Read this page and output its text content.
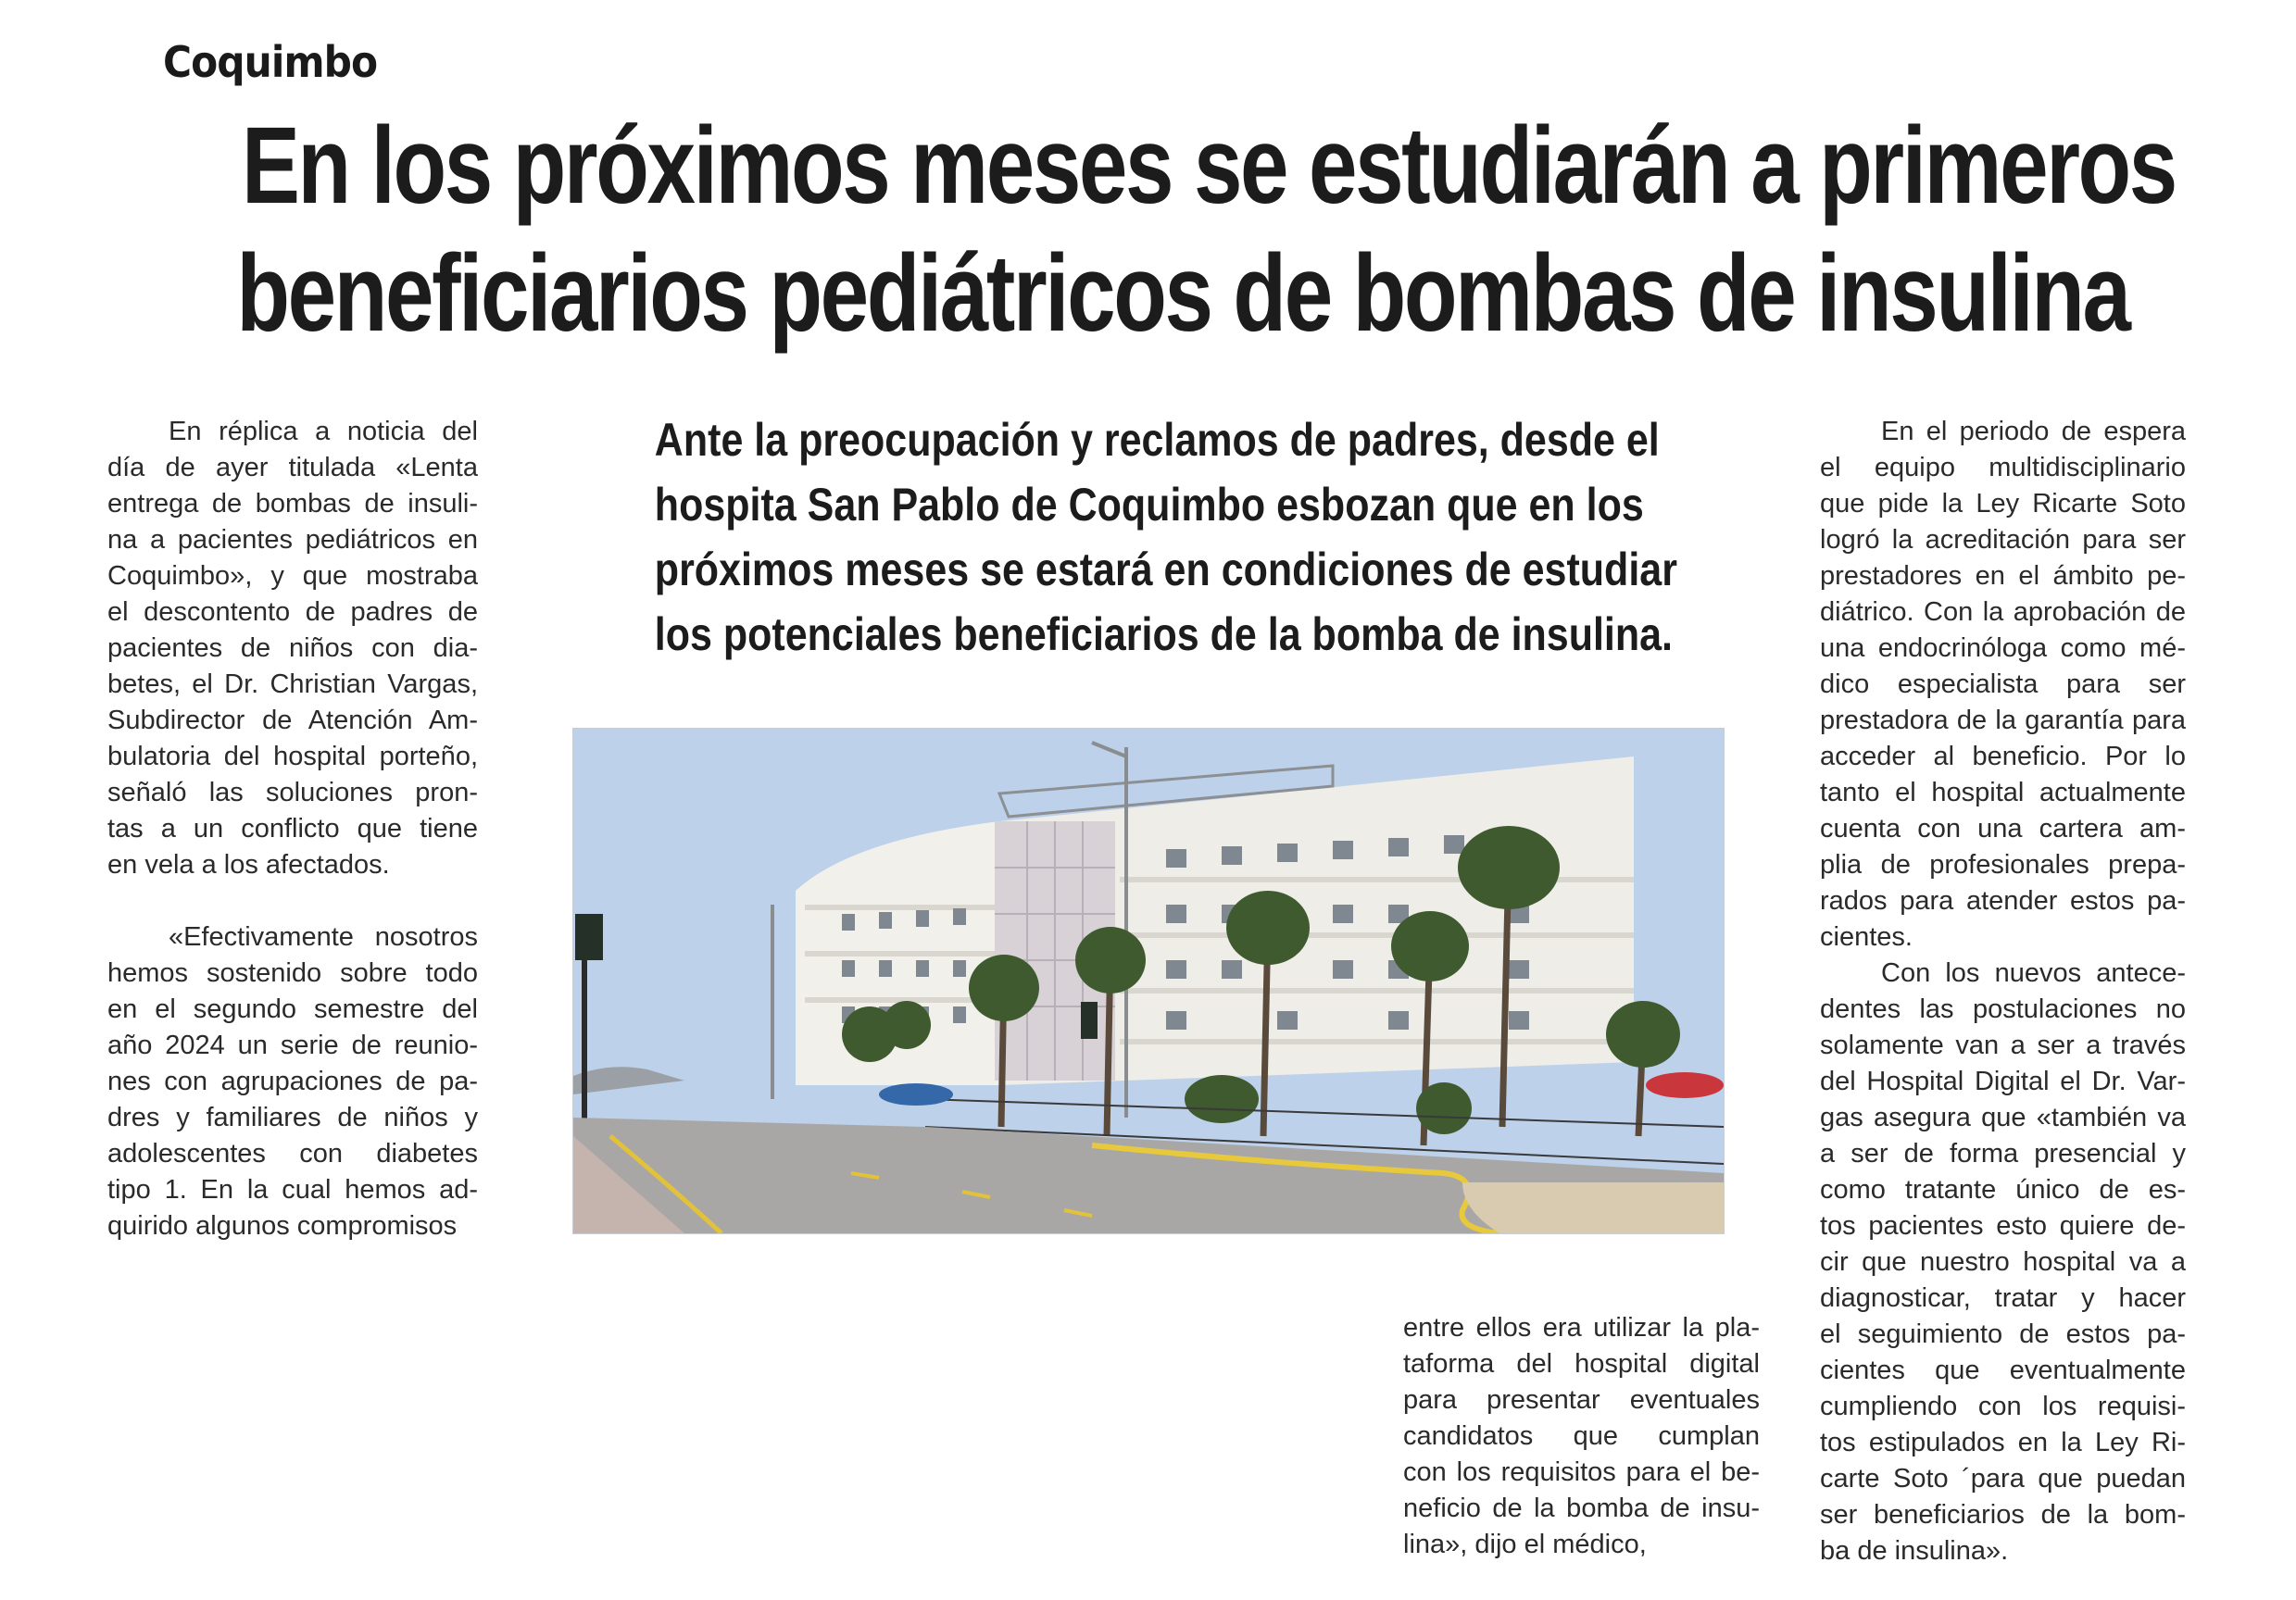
Coquimbo
En los próximos meses se estudiarán a primeros
beneficiarios pediátricos de bombas de insulina
En réplica a noticia del
día de ayer titulada «Lenta
entrega de bombas de insuli-
na a pacientes pediátricos en
Coquimbo», y que mostraba
el descontento de padres de
pacientes de niños con dia-
betes, el Dr. Christian Vargas,
Subdirector de Atención Am-
bulatoria del hospital porteño,
señaló las soluciones pron-
tas a un conflicto que tiene
en vela a los afectados.
«Efectivamente nosotros
hemos sostenido sobre todo
en el segundo semestre del
año 2024 un serie de reunio-
nes con agrupaciones de pa-
dres y familiares de niños y
adolescentes con diabetes
tipo 1. En la cual hemos ad-
quirido algunos compromisos
Ante la preocupación y reclamos de padres, desde el
hospita San Pablo de Coquimbo esbozan que en los
próximos meses se estará en condiciones de estudiar
los potenciales beneficiarios de la bomba de insulina.
entre ellos era utilizar la pla-
taforma del hospital digital
para presentar eventuales
candidatos que cumplan
con los requisitos para el be-
neficio de la bomba de insu-
lina», dijo el médico,
En el periodo de espera
el equipo multidisciplinario
que pide la Ley Ricarte Soto
logró la acreditación para ser
prestadores en el ámbito pe-
diátrico. Con la aprobación de
una endocrinóloga como mé-
dico especialista para ser
prestadora de la garantía para
acceder al beneficio. Por lo
tanto el hospital actualmente
cuenta con una cartera am-
plia de profesionales prepa-
rados para atender estos pa-
cientes.
Con los nuevos antece-
dentes las postulaciones no
solamente van a ser a través
del Hospital Digital el Dr. Var-
gas asegura que «también va
a ser de forma presencial y
como tratante único de es-
tos pacientes esto quiere de-
cir que nuestro hospital va a
diagnosticar, tratar y hacer
el seguimiento de estos pa-
cientes que eventualmente
cumpliendo con los requisi-
tos estipulados en la Ley Ri-
carte Soto ´para que puedan
ser beneficiarios de la bom-
ba de insulina».
